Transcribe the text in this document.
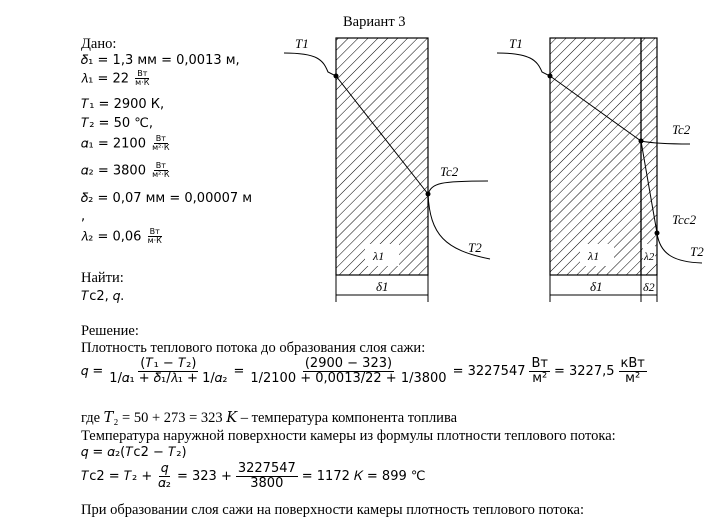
Вариант 3
Дано:
𝛿₁ = 1,3 мм = 0,0013 м,
𝜆₁ = $22 \frac{Вт}{м\cdot К}$
𝑇₁ = 2900 К,
𝑇₂ = 50 ℃,
𝛼₁ = $2100 \frac{Вт}{\text{м²·К}}$
𝛼₂ = $3800 \frac{Вт}{\text{м²·К}}$
𝛿₂ = 0,07 мм = 0,00007 м
,
𝜆₂ = $0,06 \frac{Вт}{м\cdot К}$
Найти:
𝑇c2, 𝑞.
Решение:
Плотность теплового потока до образования слоя сажи:
𝑞 = $\frac{\text{(𝑇₁ − 𝑇₂)}}{\text{1/𝛼₁ + 𝛿₁/𝜆₁ + 1/𝛼₂}} = \frac{(2900 - 323)}{1/2100 + 0,0013/22 + 1/3800} = 3227547 \frac{Вт}{\text{м²}} = 3227,5 \frac{\text{кВт}}{\text{м²}}$
где 𝑇₂ = 50 + 273 = 323 𝐾 – температура компонента топлива
Температура наружной поверхности камеры из формулы плотности теплового потока:
𝑞 = 𝛼₂(𝑇c2 − 𝑇₂)
𝑇c2 = 𝑇₂ + $\frac{\text{𝑞}}{\text{𝛼₂}} = 323 + \frac{3227547}{3800} = 1172$ 𝐾 = 899 ℃
При образовании слоя сажи на поверхности камеры плотность теплового потока:
T1
Tc2
T2
λ1
δ1
T1
Tc2
Tcc2
T2
λ1	λ2
δ1	δ2
